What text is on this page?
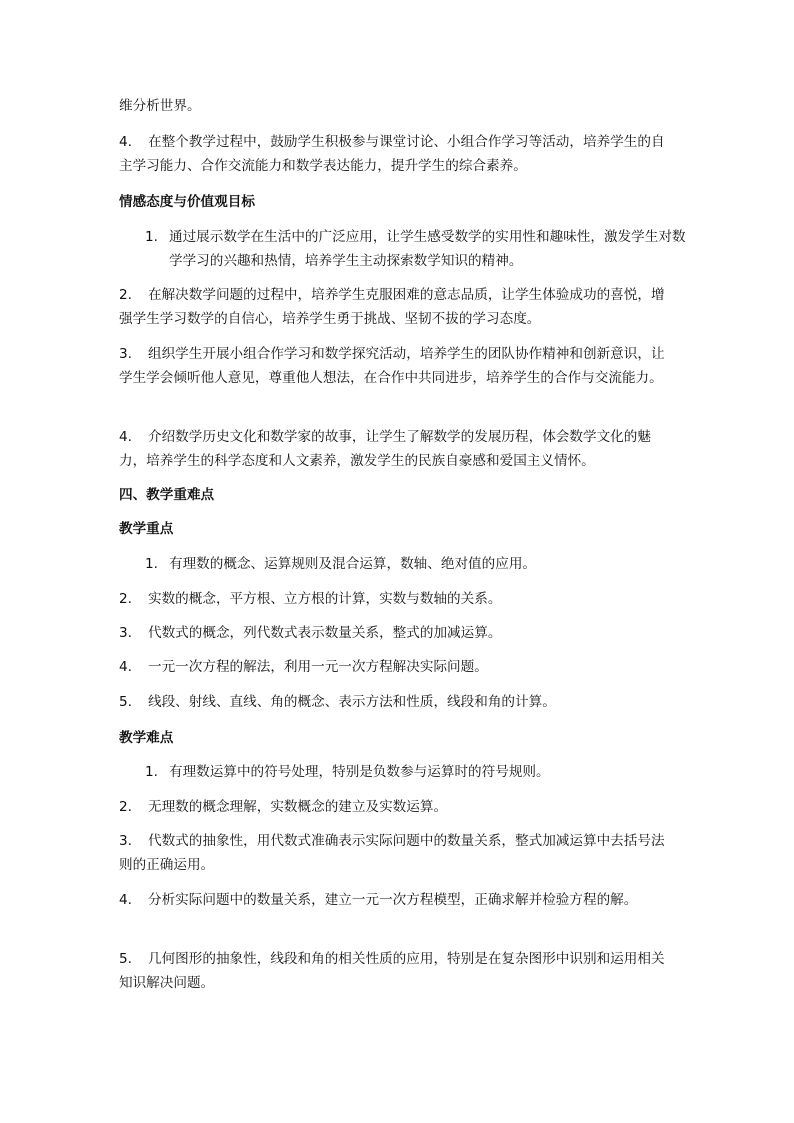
维分析世界。

4. 在整个教学过程中，鼓励学生积极参与课堂讨论、小组合作学习等活动，培养学生的自主学习能力、合作交流能力和数学表达能力，提升学生的综合素养。

情感态度与价值观目标

1. 通过展示数学在生活中的广泛应用，让学生感受数学的实用性和趣味性，激发学生对数学学习的兴趣和热情，培养学生主动探索数学知识的精神。

2. 在解决数学问题的过程中，培养学生克服困难的意志品质，让学生体验成功的喜悦，增强学生学习数学的自信心，培养学生勇于挑战、坚韧不拔的学习态度。

3. 组织学生开展小组合作学习和数学探究活动，培养学生的团队协作精神和创新意识，让学生学会倾听他人意见，尊重他人想法，在合作中共同进步，培养学生的合作与交流能力。

4. 介绍数学历史文化和数学家的故事，让学生了解数学的发展历程，体会数学文化的魅力，培养学生的科学态度和人文素养，激发学生的民族自豪感和爱国主义情怀。

四、教学重难点

教学重点

1. 有理数的概念、运算规则及混合运算，数轴、绝对值的应用。

2. 实数的概念，平方根、立方根的计算，实数与数轴的关系。

3. 代数式的概念，列代数式表示数量关系，整式的加减运算。

4. 一元一次方程的解法，利用一元一次方程解决实际问题。

5. 线段、射线、直线、角的概念、表示方法和性质，线段和角的计算。

教学难点

1. 有理数运算中的符号处理，特别是负数参与运算时的符号规则。

2. 无理数的概念理解，实数概念的建立及实数运算。

3. 代数式的抽象性，用代数式准确表示实际问题中的数量关系，整式加减运算中去括号法则的正确运用。

4. 分析实际问题中的数量关系，建立一元一次方程模型，正确求解并检验方程的解。

5. 几何图形的抽象性，线段和角的相关性质的应用，特别是在复杂图形中识别和运用相关知识解决问题。
